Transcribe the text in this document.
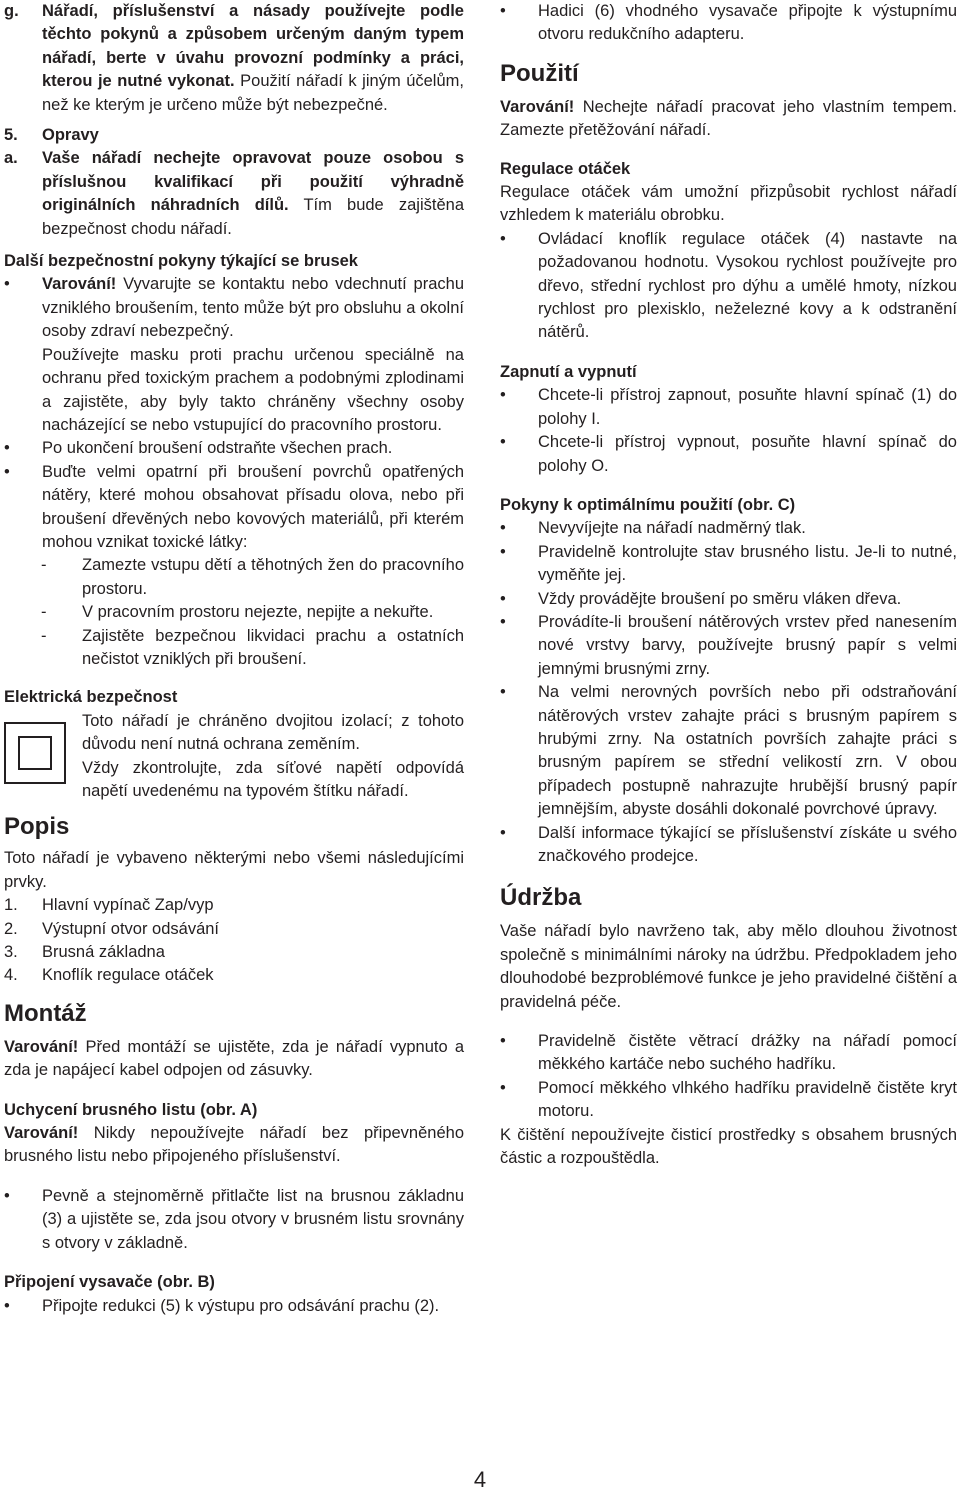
g. Nářadí, příslušenství a násady používejte podle těchto pokynů a způsobem určeným daným typem nářadí, berte v úvahu provozní podmínky a práci, kterou je nutné vykonat. Použití nářadí k jiným účelům, než ke kterým je určeno může být nebezpečné.
5. Opravy
a. Vaše nářadí nechejte opravovat pouze osobou s příslušnou kvalifikací při použití výhradně originálních náhradních dílů. Tím bude zajištěna bezpečnost chodu nářadí.

Další bezpečnostní pokyny týkající se brusek

• Varování! Vyvarujte se kontaktu nebo vdechnutí prachu vzniklého broušením, tento může být pro obsluhu a okolní osoby zdraví nebezpečný.

Používejte masku proti prachu určenou speciálně na ochranu před toxickým prachem a podobnými zplodinami a zajistěte, aby byly takto chráněny všechny osoby nacházející se nebo vstupující do pracovního prostoru.

• Po ukončení broušení odstraňte všechen prach.
• Buďte velmi opatrní při broušení povrchů opatřených nátěry, které mohou obsahovat přísadu olova, nebo při broušení dřevěných nebo kovových materiálů, při kterém mohou vznikat toxické látky:
- Zamezte vstupu dětí a těhotných žen do pracovního prostoru.
- V pracovním prostoru nejezte, nepijte a nekuřte.
- Zajistěte bezpečnou likvidaci prachu a ostatních nečistot vzniklých při broušení.

Elektrická bezpečnost

Toto nářadí je chráněno dvojitou izolací; z tohoto důvodu není nutná ochrana zeměním.

Vždy zkontrolujte, zda síťové napětí odpovídá napětí uvedenému na typovém štítku nářadí.

Popis

Toto nářadí je vybaveno některými nebo všemi následujícími prvky.

1. Hlavní vypínač Zap/vyp
2. Výstupní otvor odsávání
3. Brusná základna
4. Knoflík regulace otáček

Montáž

Varování! Před montáží se ujistěte, zda je nářadí vypnuto a zda je napájecí kabel odpojen od zásuvky.

Uchycení brusného listu (obr. A)

Varování! Nikdy nepoužívejte nářadí bez připevněného brusného listu nebo připojeného příslušenství.

• Pevně a stejnoměrně přitlačte list na brusnou základnu (3) a ujistěte se, zda jsou otvory v brusném listu srovnány s otvory v základně.

Připojení vysavače (obr. B)

• Připojte redukci (5) k výstupu pro odsávání prachu (2).
• Hadici (6) vhodného vysavače připojte k výstupnímu otvoru redukčního adapteru.

Použití

Varování! Nechejte nářadí pracovat jeho vlastním tempem. Zamezte přetěžování nářadí.

Regulace otáček

Regulace otáček vám umožní přizpůsobit rychlost nářadí vzhledem k materiálu obrobku.

• Ovládací knoflík regulace otáček (4) nastavte na požadovanou hodnotu. Vysokou rychlost používejte pro dřevo, střední rychlost pro dýhu a umělé hmoty, nízkou rychlost pro plexisklo, neželezné kovy a k odstranění nátěrů.

Zapnutí a vypnutí

• Chcete-li přístroj zapnout, posuňte hlavní spínač (1) do polohy I.
• Chcete-li přístroj vypnout, posuňte hlavní spínač do polohy O.

Pokyny k optimálnímu použití (obr. C)

• Nevyvíjejte na nářadí nadměrný tlak.
• Pravidelně kontrolujte stav brusného listu. Je-li to nutné, vyměňte jej.
• Vždy provádějte broušení po směru vláken dřeva.
• Provádíte-li broušení nátěrových vrstev před nanesením nové vrstvy barvy, používejte brusný papír s velmi jemnými brusnými zrny.
• Na velmi nerovných površích nebo při odstraňování nátěrových vrstev zahajte práci s brusným papírem s hrubými zrny. Na ostatních površích zahajte práci s brusným papírem se střední velikostí zrn. V obou případech postupně nahrazujte hrubější brusný papír jemnějším, abyste dosáhli dokonalé povrchové úpravy.
• Další informace týkající se příslušenství získáte u svého značkového prodejce.

Údržba

Vaše nářadí bylo navrženo tak, aby mělo dlouhou životnost společně s minimálními nároky na údržbu. Předpokladem jeho dlouhodobé bezproblémové funkce je jeho pravidelné čištění a pravidelná péče.

• Pravidelně čistěte větrací drážky na nářadí pomocí měkkého kartáče nebo suchého hadříku.
• Pomocí měkkého vlhkého hadříku pravidelně čistěte kryt motoru.

K čištění nepoužívejte čisticí prostředky s obsahem brusných částic a rozpouštědla.

4
